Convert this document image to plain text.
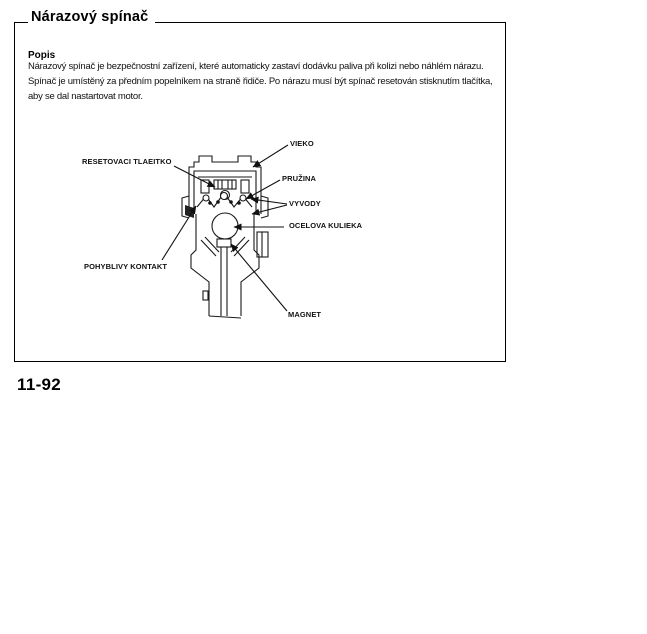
Nárazový spínač
Popis
Nárazový spínač je bezpečnostní zařízení, které automaticky zastaví dodávku paliva při kolizi nebo náhlém nárazu.
Spínač je umístěný za předním popelníkem na straně řidiče. Po nárazu musí být spínač resetován stisknutím tlačítka,
aby se dal nastartovat motor.
VIEKO
RESETOVACI TLAEITKO
PRUŽINA
VYVODY
OCELOVA KULIEKA
POHYBLIVY KONTAKT
MAGNET
11-92
